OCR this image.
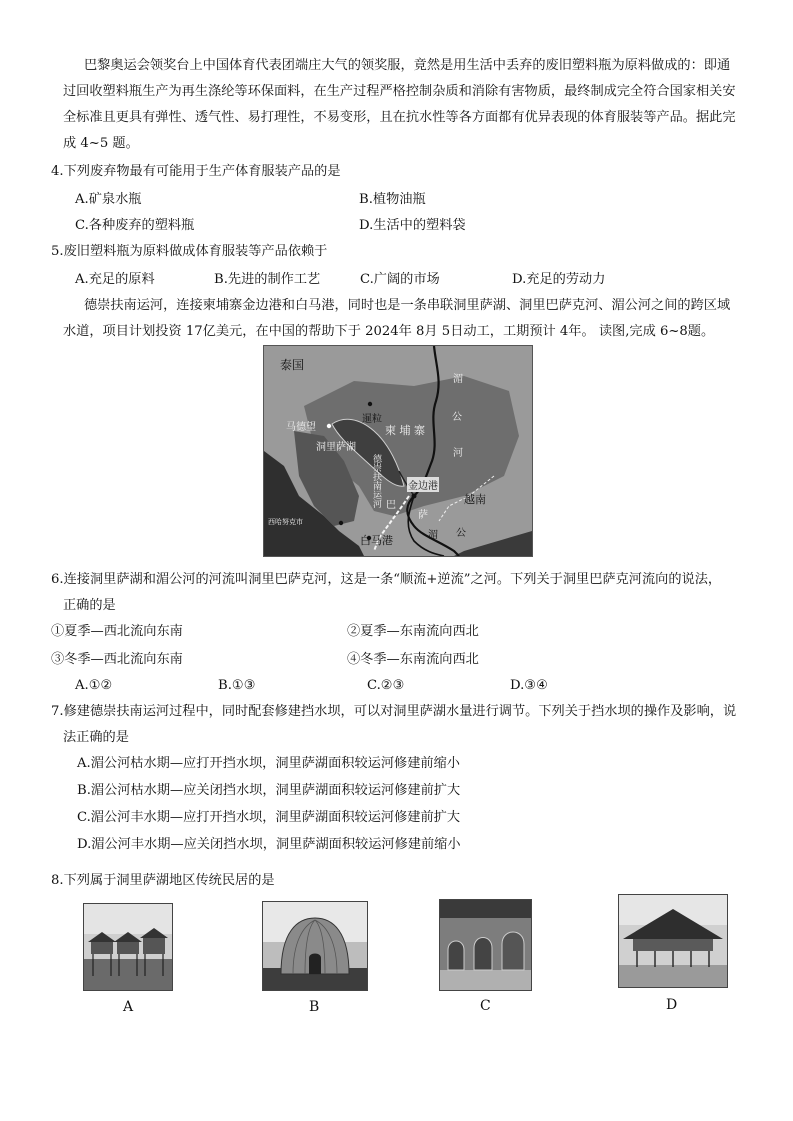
巴黎奥运会领奖台上中国体育代表团端庄大气的领奖服，竟然是用生活中丢弃的废旧塑料瓶为原料做成的：即通
过回收塑料瓶生产为再生涤纶等环保面料，在生产过程严格控制杂质和消除有害物质，最终制成完全符合国家相关安
全标准且更具有弹性、透气性、易打理性，不易变形，且在抗水性等各方面都有优异表现的体育服装等产品。据此完
成 4~5 题。
4.下列废弃物最有可能用于生产体育服装产品的是
A.矿泉水瓶	B.植物油瓶
C.各种废弃的塑料瓶	D.生活中的塑料袋
5.废旧塑料瓶为原料做成体育服装等产品依赖于
A.充足的原料	B.先进的制作工艺	C.广阔的市场	D.充足的劳动力
德崇扶南运河，连接柬埔寨金边港和白马港，同时也是一条串联洞里萨湖、洞里巴萨克河、湄公河之间的跨区域
水道，项目计划投资 17亿美元，在中国的帮助下于 2024年 8月 5日动工，工期预计 4年。 读图,完成 6~8题。
泰国
马德望
暹粒
柬 埔 寨
洞里萨湖
德崇扶南运河
湄
公
河
金边港
越南
西哈努克市
白马港
巴
萨
湄 公
6.连接洞里萨湖和湄公河的河流叫洞里巴萨克河，这是一条“顺流+逆流”之河。下列关于洞里巴萨克河流向的说法，
正确的是
①夏季—西北流向东南	②夏季—东南流向西北
③冬季—西北流向东南	④冬季—东南流向西北
A.①②	B.①③	C.②③	D.③④
7.修建德崇扶南运河过程中，同时配套修建挡水坝，可以对洞里萨湖水量进行调节。下列关于挡水坝的操作及影响，说
法正确的是
A.湄公河枯水期—应打开挡水坝，洞里萨湖面积较运河修建前缩小
B.湄公河枯水期—应关闭挡水坝，洞里萨湖面积较运河修建前扩大
C.湄公河丰水期—应打开挡水坝，洞里萨湖面积较运河修建前扩大
D.湄公河丰水期—应关闭挡水坝，洞里萨湖面积较运河修建前缩小
8.下列属于洞里萨湖地区传统民居的是
A	B	C	D
